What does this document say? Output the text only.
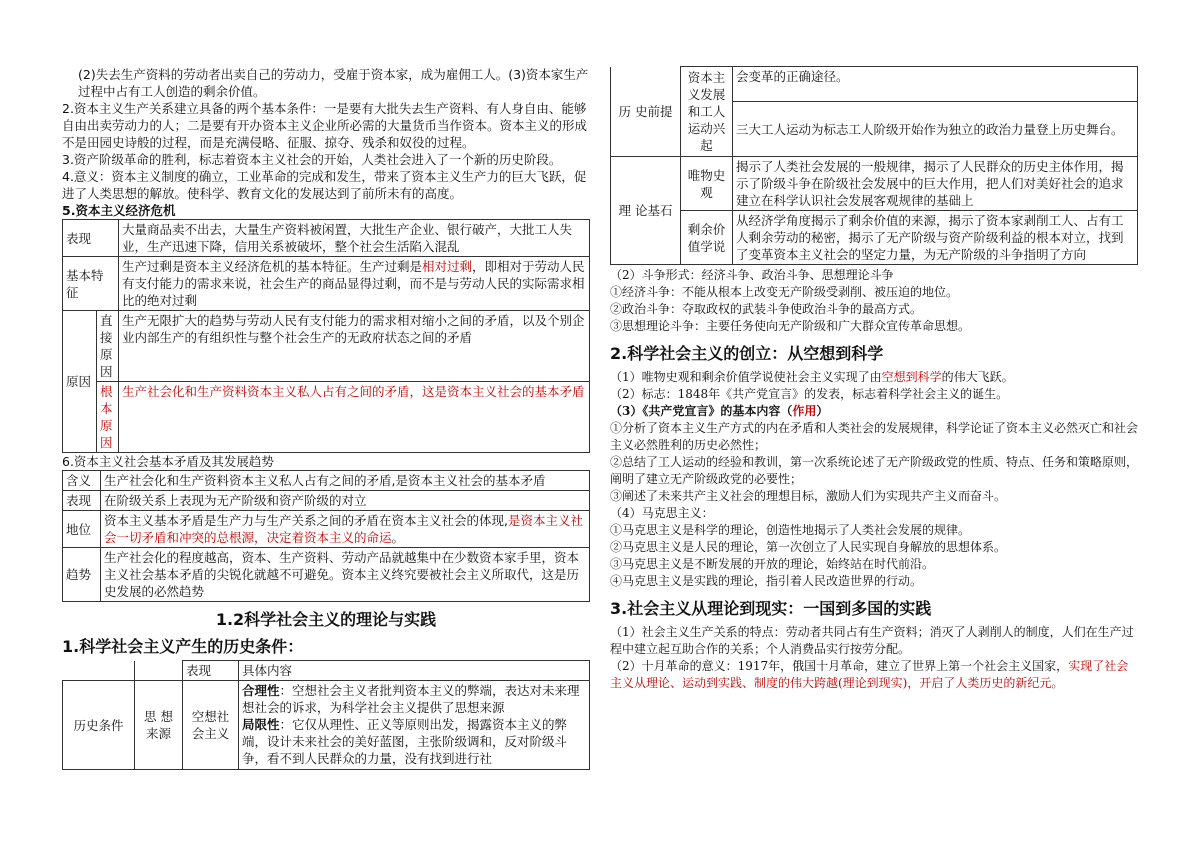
(2)失去生产资料的劳动者出卖自己的劳动力，受雇于资本家，成为雇佣工人。(3)资本家生产过程中占有工人创造的剩余价值。

2.资本主义生产关系建立具备的两个基本条件：一是要有大批失去生产资料、有人身自由、能够自由出卖劳动力的人；二是要有开办资本主义企业所必需的大量货币当作资本。资本主义的形成不是田园史诗般的过程，而是充满侵略、征服、掠夺、残杀和奴役的过程。

3.资产阶级革命的胜利，标志着资本主义社会的开始，人类社会进入了一个新的历史阶段。

4.意义：资本主义制度的确立，工业革命的完成和发生，带来了资本主义生产力的巨大飞跃，促进了人类思想的解放。使科学、教育文化的发展达到了前所未有的高度。

5.资本主义经济危机

表现		大量商品卖不出去，大量生产资料被闲置，大批生产企业、银行破产，大批工人失业，生产迅速下降，信用关系被破坏，整个社会生活陷入混乱
基本特征		生产过剩是资本主义经济危机的基本特征。生产过剩是相对过剩，即相对于劳动人民有支付能力的需求来说，社会生产的商品显得过剩，而不是与劳动人民的实际需求相比的绝对过剩
原因	直接原因	生产无限扩大的趋势与劳动人民有支付能力的需求相对缩小之间的矛盾，以及个别企业内部生产的有组织性与整个社会生产的无政府状态之间的矛盾
	根本原因	生产社会化和生产资料资本主义私人占有之间的矛盾，这是资本主义社会的基本矛盾

6.资本主义社会基本矛盾及其发展趋势

含义	生产社会化和生产资料资本主义私人占有之间的矛盾,是资本主义社会的基本矛盾
表现	在阶级关系上表现为无产阶级和资产阶级的对立
地位	资本主义基本矛盾是生产力与生产关系之间的矛盾在资本主义社会的体现,是资本主义社会一切矛盾和冲突的总根源，决定着资本主义的命运。
趋势	生产社会化的程度越高，资本、生产资料、劳动产品就越集中在少数资本家手里，资本主义社会基本矛盾的尖锐化就越不可避免。资本主义终究要被社会主义所取代，这是历史发展的必然趋势

1.2科学社会主义的理论与实践

1.科学社会主义产生的历史条件：

		表现	具体内容
历史条件	思 想来源	空想社会主义	合理性：空想社会主义者批判资本主义的弊端，表达对未来理想社会的诉求，为科学社会主义提供了思想来源
局限性：它仅从理性、正义等原则出发，揭露资本主义的弊端，设计未来社会的美好蓝图，主张阶级调和，反对阶级斗争，看不到人民群众的力量，没有找到进行社
历 史前提	资本主义发展和工人运动兴起	会变革的正确途径。
		三大工人运动为标志工人阶级开始作为独立的政治力量登上历史舞台。
理 论基石	唯物史观	揭示了人类社会发展的一般规律，揭示了人民群众的历史主体作用，揭示了阶级斗争在阶级社会发展中的巨大作用，把人们对美好社会的追求建立在科学认识社会发展客观规律的基础上
	剩余价值学说	从经济学角度揭示了剩余价值的来源，揭示了资本家剥削工人、占有工人剩余劳动的秘密，揭示了无产阶级与资产阶级利益的根本对立，找到了变革资本主义社会的坚定力量，为无产阶级的斗争指明了方向

（2）斗争形式：经济斗争、政治斗争、思想理论斗争

①经济斗争：不能从根本上改变无产阶级受剥削、被压迫的地位。

②政治斗争：夺取政权的武装斗争使政治斗争的最高方式。

③思想理论斗争：主要任务使向无产阶级和广大群众宣传革命思想。

2.科学社会主义的创立：从空想到科学

（1）唯物史观和剩余价值学说使社会主义实现了由空想到科学的伟大飞跃。

（2）标志：1848年《共产党宣言》的发表，标志着科学社会主义的诞生。

（3）《共产党宣言》的基本内容（作用）

①分析了资本主义生产方式的内在矛盾和人类社会的发展规律，科学论证了资本主义必然灭亡和社会主义必然胜利的历史必然性；

②总结了工人运动的经验和教训，第一次系统论述了无产阶级政党的性质、特点、任务和策略原则，阐明了建立无产阶级政党的必要性；

③阐述了未来共产主义社会的理想目标，激励人们为实现共产主义而奋斗。

（4）马克思主义：

①马克思主义是科学的理论，创造性地揭示了人类社会发展的规律。

②马克思主义是人民的理论，第一次创立了人民实现自身解放的思想体系。

③马克思主义是不断发展的开放的理论，始终站在时代前沿。

④马克思主义是实践的理论，指引着人民改造世界的行动。

3.社会主义从理论到现实：一国到多国的实践

（1）社会主义生产关系的特点：劳动者共同占有生产资料；消灭了人剥削人的制度，人们在生产过程中建立起互助合作的关系；个人消费品实行按劳分配。

（2）十月革命的意义：1917年，俄国十月革命，建立了世界上第一个社会主义国家，实现了社会主义从理论、运动到实践、制度的伟大跨越(理论到现实)，开启了人类历史的新纪元。
